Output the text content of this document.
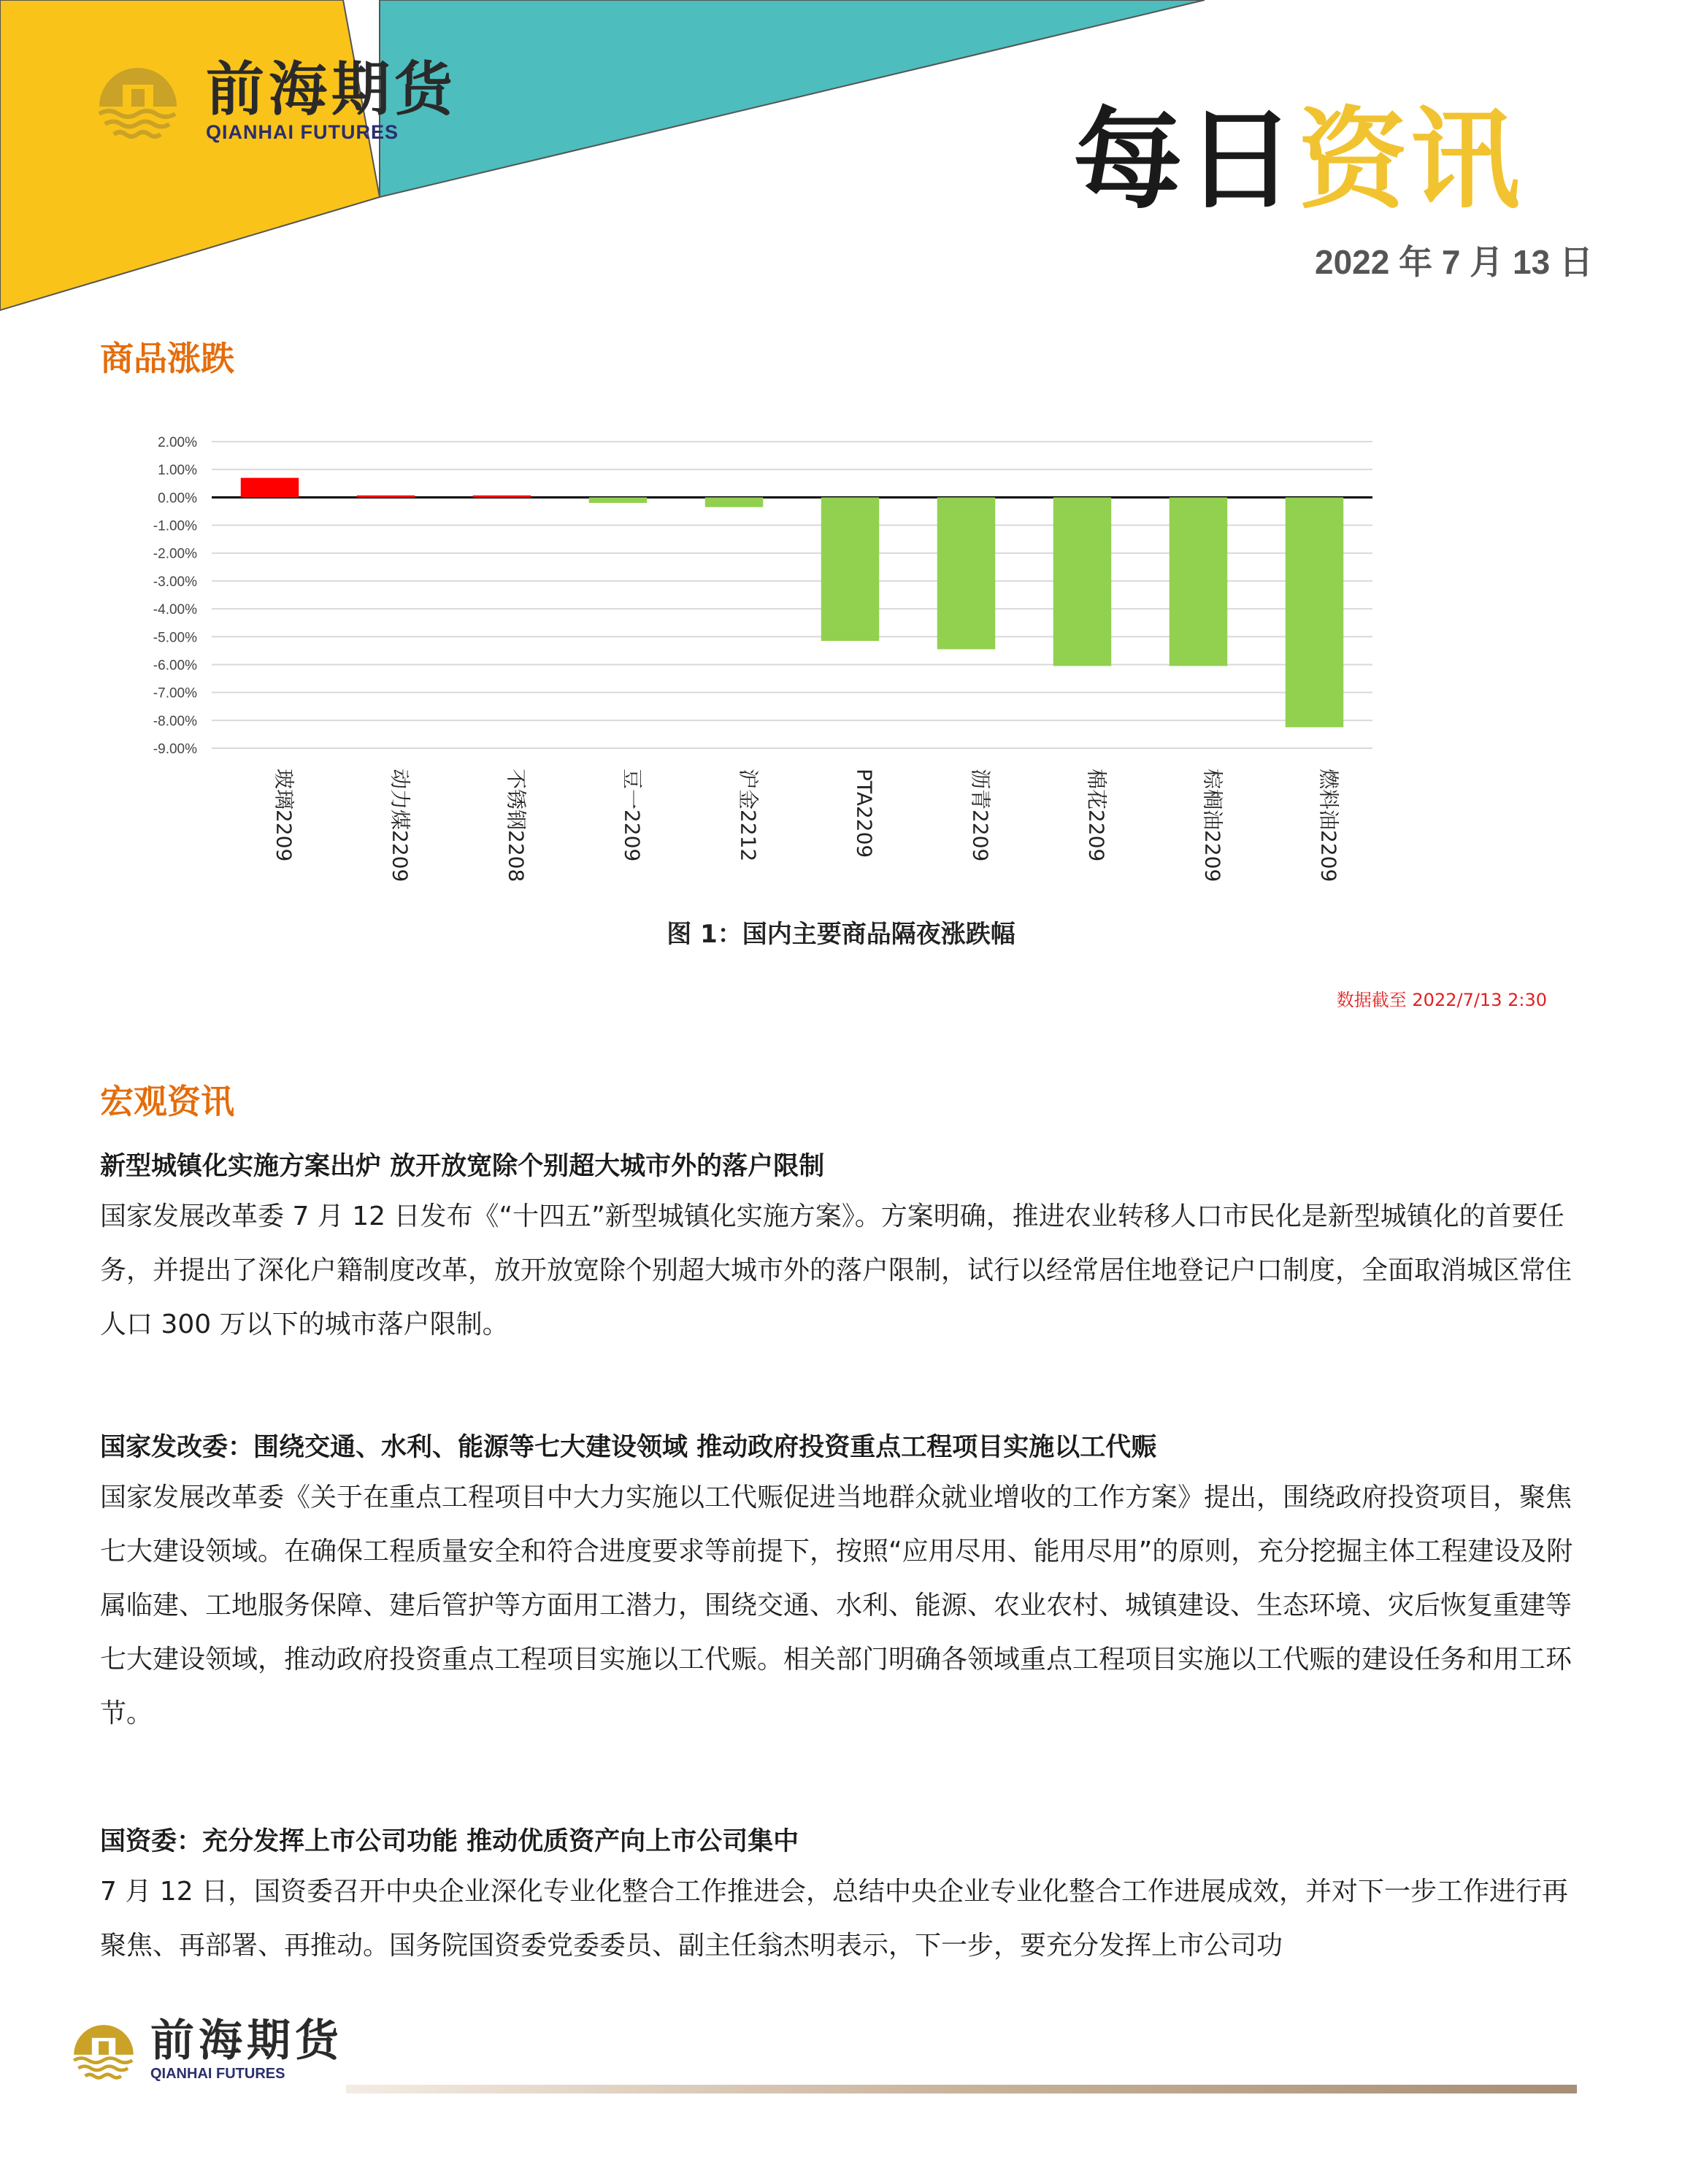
前海期货
QIANHAI FUTURES	每日资讯
2022 年 7 月 13 日
商品涨跌
2.00%
1.00%
0.00%
-1.00%
-2.00%
-3.00%
-4.00%
-5.00%
-6.00%
-7.00%
-8.00%
-9.00%
玻璃2209	动力煤2209	不锈钢2208	豆一2209	沪金2212	PTA2209	沥青2209	棉花2209	棕榈油2209	燃料油2209
图 1：国内主要商品隔夜涨跌幅
数据截至 2022/7/13 2:30
宏观资讯
新型城镇化实施方案出炉 放开放宽除个别超大城市外的落户限制
国家发展改革委 7 月 12 日发布《“十四五”新型城镇化实施方案》。方案明确，推进农业转移人口市民化是新型城镇化的首要任务，并提出了深化户籍制度改革，放开放宽除个别超大城市外的落户限制，试行以经常居住地登记户口制度，全面取消城区常住人口 300 万以下的城市落户限制。
国家发改委：围绕交通、水利、能源等七大建设领域 推动政府投资重点工程项目实施以工代赈
国家发展改革委《关于在重点工程项目中大力实施以工代赈促进当地群众就业增收的工作方案》提出，围绕政府投资项目，聚焦七大建设领域。在确保工程质量安全和符合进度要求等前提下，按照“应用尽用、能用尽用”的原则，充分挖掘主体工程建设及附属临建、工地服务保障、建后管护等方面用工潜力，围绕交通、水利、能源、农业农村、城镇建设、生态环境、灾后恢复重建等七大建设领域，推动政府投资重点工程项目实施以工代赈。相关部门明确各领域重点工程项目实施以工代赈的建设任务和用工环节。
国资委：充分发挥上市公司功能 推动优质资产向上市公司集中
7 月 12 日，国资委召开中央企业深化专业化整合工作推进会，总结中央企业专业化整合工作进展成效，并对下一步工作进行再聚焦、再部署、再推动。国务院国资委党委委员、副主任翁杰明表示，下一步，要充分发挥上市公司功
前海期货
QIANHAI FUTURES
